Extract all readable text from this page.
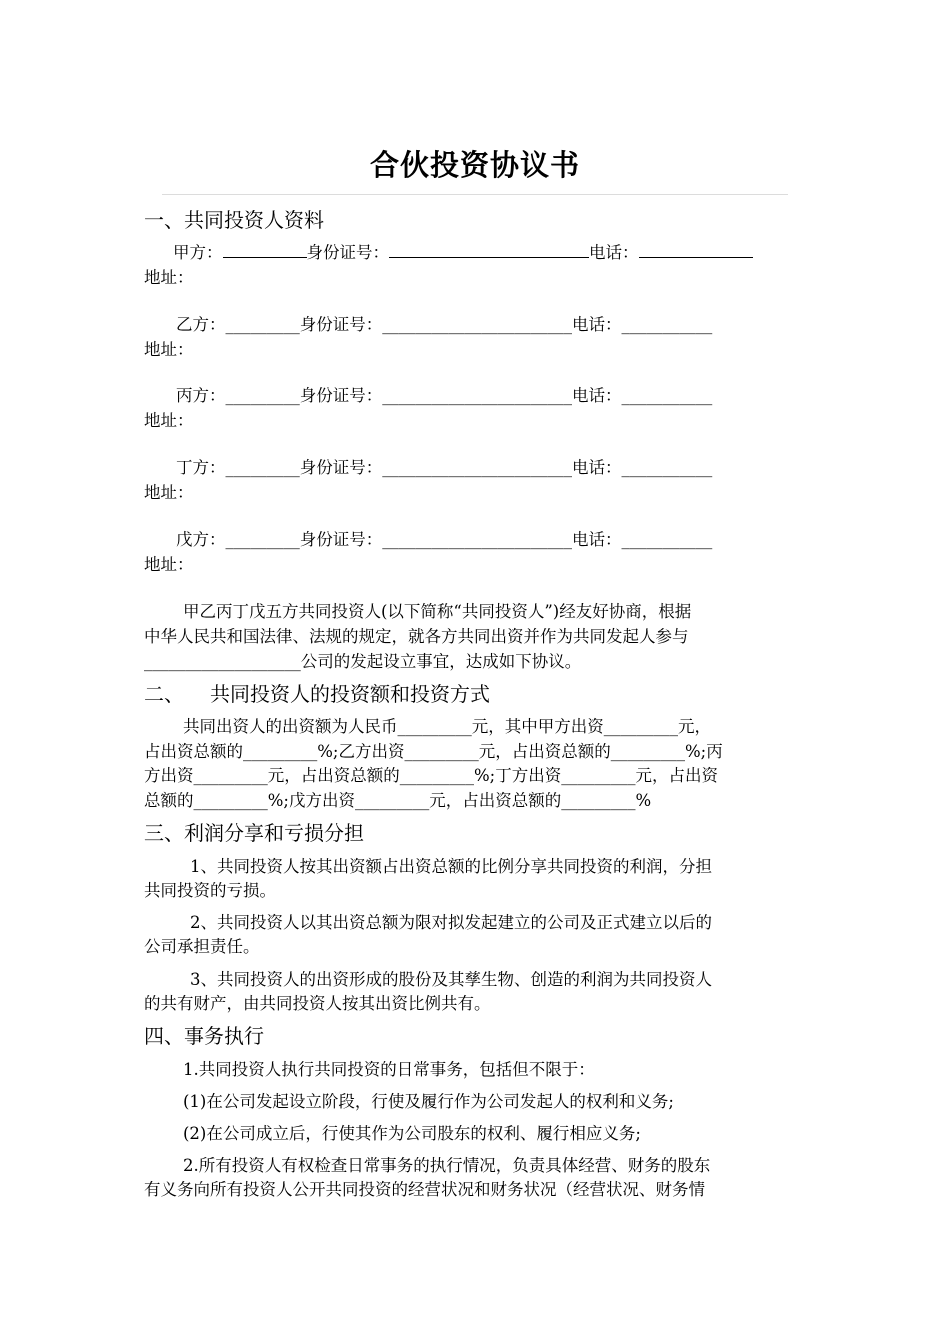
合伙投资协议书
一、共同投资人资料
甲方：	身份证号：	电话：
地址：
乙方：_________身份证号：_______________________电话：___________
地址：
丙方：_________身份证号：_______________________电话：___________
地址：
丁方：_________身份证号：_______________________电话：___________
地址：
戊方：_________身份证号：_______________________电话：___________
地址：
甲乙丙丁戊五方共同投资人(以下简称“共同投资人”)经友好协商，根据
中华人民共和国法律、法规的规定，就各方共同出资并作为共同发起人参与
___________________公司的发起设立事宜，达成如下协议。
二、 共同投资人的投资额和投资方式
共同出资人的出资额为人民币_________元，其中甲方出资_________元，
占出资总额的_________%;乙方出资_________元，占出资总额的_________%;丙
方出资_________元，占出资总额的_________%;丁方出资_________元，占出资
总额的_________%;戊方出资_________元，占出资总额的_________%
三、利润分享和亏损分担
1、共同投资人按其出资额占出资总额的比例分享共同投资的利润，分担
共同投资的亏损。
2、共同投资人以其出资总额为限对拟发起建立的公司及正式建立以后的
公司承担责任。
3、共同投资人的出资形成的股份及其孳生物、创造的利润为共同投资人
的共有财产，由共同投资人按其出资比例共有。
四、事务执行
1.共同投资人执行共同投资的日常事务，包括但不限于：
(1)在公司发起设立阶段，行使及履行作为公司发起人的权利和义务;
(2)在公司成立后，行使其作为公司股东的权利、履行相应义务;
2.所有投资人有权检查日常事务的执行情况，负责具体经营、财务的股东
有义务向所有投资人公开共同投资的经营状况和财务状况（经营状况、财务情
